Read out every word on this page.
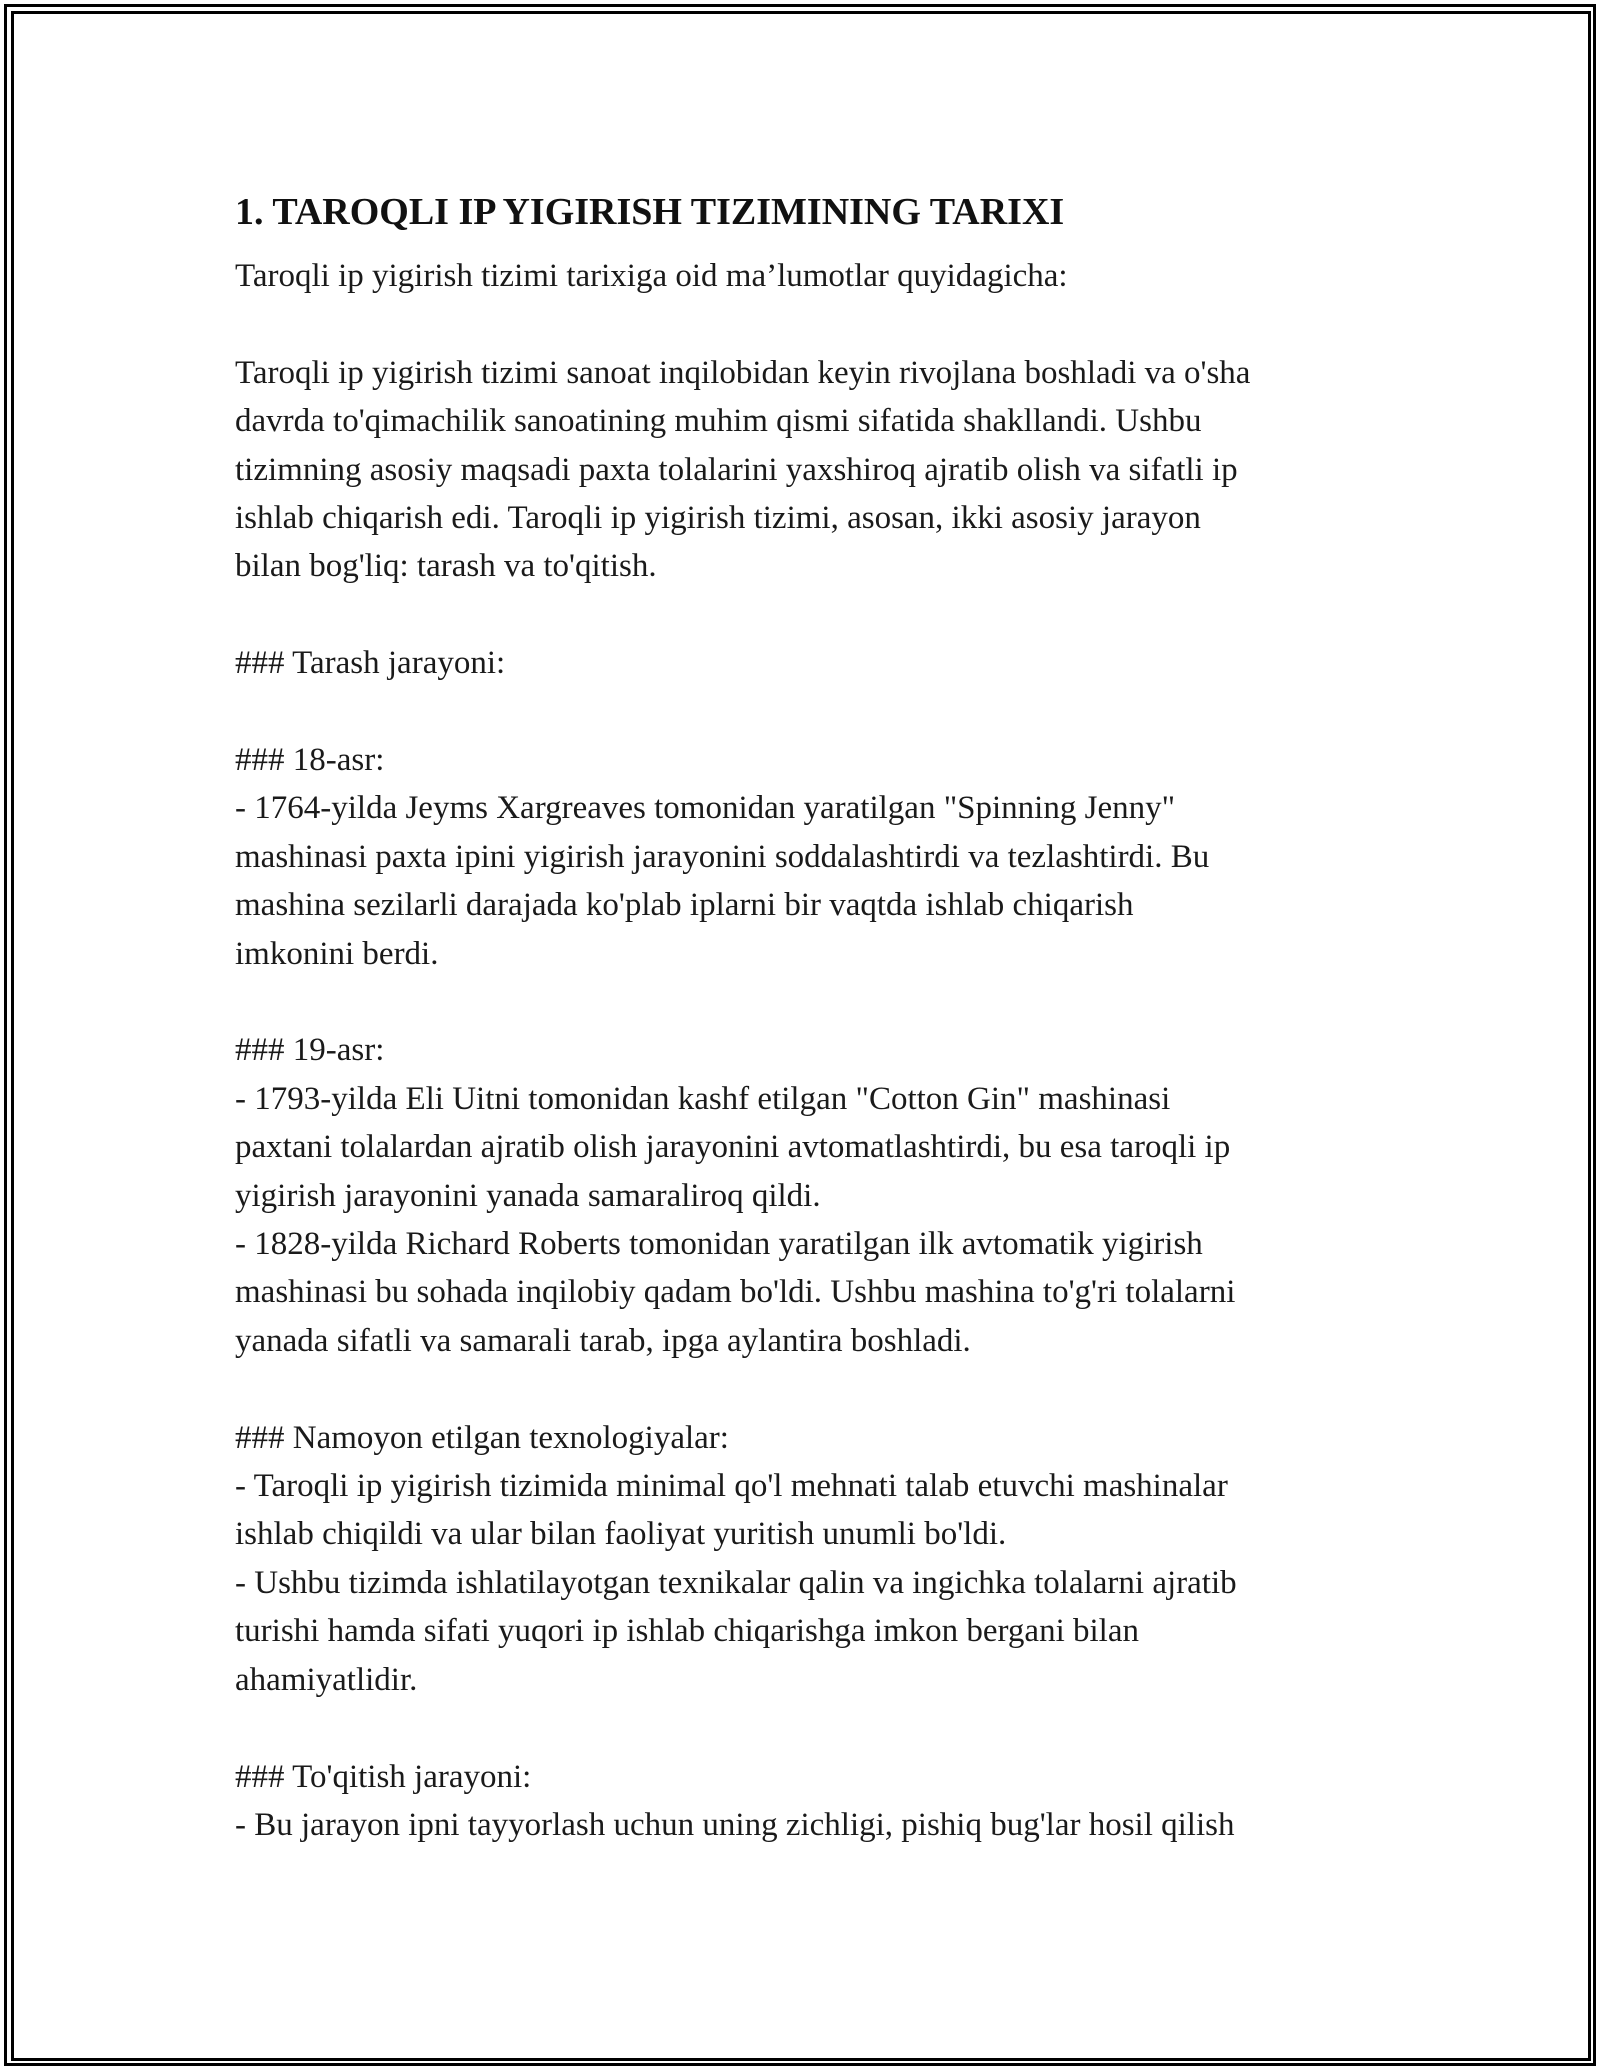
1. TAROQLI IP YIGIRISH TIZIMINING TARIXI

Taroqli ip yigirish tizimi tarixiga oid ma’lumotlar quyidagicha:

Taroqli ip yigirish tizimi sanoat inqilobidan keyin rivojlana boshladi va o'sha

davrda to'qimachilik sanoatining muhim qismi sifatida shakllandi. Ushbu

tizimning asosiy maqsadi paxta tolalarini yaxshiroq ajratib olish va sifatli ip

ishlab chiqarish edi. Taroqli ip yigirish tizimi, asosan, ikki asosiy jarayon

bilan bog'liq: tarash va to'qitish.

### Tarash jarayoni:

### 18-asr:

- 1764-yilda Jeyms Xargreaves tomonidan yaratilgan "Spinning Jenny"

mashinasi paxta ipini yigirish jarayonini soddalashtirdi va tezlashtirdi. Bu

mashina sezilarli darajada ko'plab iplarni bir vaqtda ishlab chiqarish

imkonini berdi.

### 19-asr:

- 1793-yilda Eli Uitni tomonidan kashf etilgan "Cotton Gin" mashinasi

paxtani tolalardan ajratib olish jarayonini avtomatlashtirdi, bu esa taroqli ip

yigirish jarayonini yanada samaraliroq qildi.

- 1828-yilda Richard Roberts tomonidan yaratilgan ilk avtomatik yigirish

mashinasi bu sohada inqilobiy qadam bo'ldi. Ushbu mashina to'g'ri tolalarni

yanada sifatli va samarali tarab, ipga aylantira boshladi.

### Namoyon etilgan texnologiyalar:

- Taroqli ip yigirish tizimida minimal qo'l mehnati talab etuvchi mashinalar

ishlab chiqildi va ular bilan faoliyat yuritish unumli bo'ldi.

- Ushbu tizimda ishlatilayotgan texnikalar qalin va ingichka tolalarni ajratib

turishi hamda sifati yuqori ip ishlab chiqarishga imkon bergani bilan

ahamiyatlidir.

### To'qitish jarayoni:

- Bu jarayon ipni tayyorlash uchun uning zichligi, pishiq bug'lar hosil qilish
